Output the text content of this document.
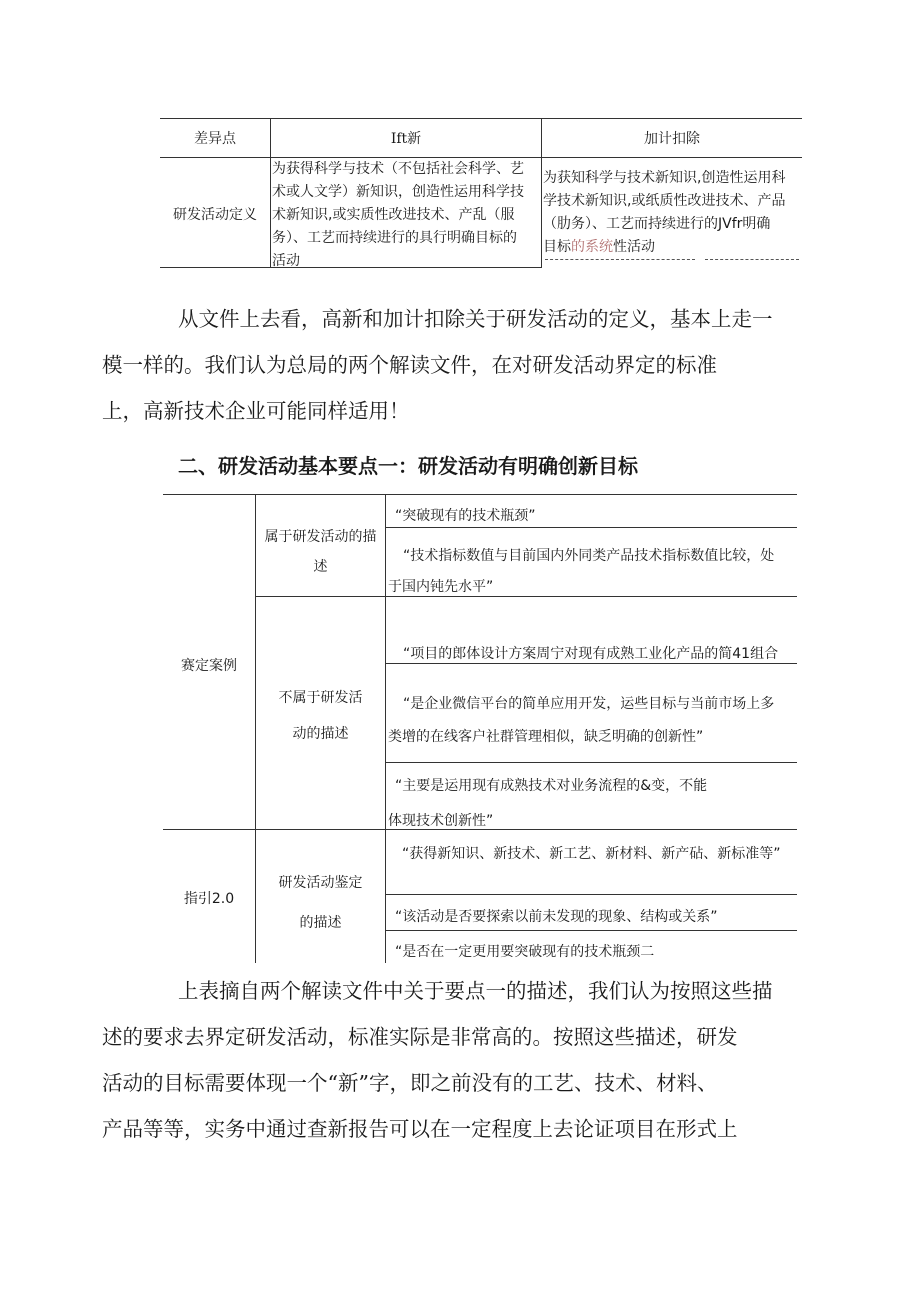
差异点	Ift新	加计扣除
研发活动定义
为获得科学与技术（不包括社会科学、艺
术或人文学）新知识，创造性运用科学技
术新知识,或实质性改进技术、产乱（服
务）、工艺而持续进行的具行明确目标的
活动
为获知科学与技术新知识,创造性运用科
学技术新知识,或纸质性改进技术、产品
（肋务）、工艺而持续进行的JVfr明确
目标的系统性活动
从文件上去看，高新和加计扣除关于研发活动的定义，基本上走一
模一样的。我们认为总局的两个解读文件，在对研发活动界定的标准
上，高新技术企业可能同样适用！
二、研发活动基本要点一：研发活动有明确创新目标
赛定案例
属于研发活动的描
述
“突破现有的技术瓶颈”
“技术指标数值与目前国内外同类产品技术指标数值比较，处
于国内钝先水平”
不属于研发活
动的描述
“项目的郎体设计方案周宁对现有成熟工业化产品的简41组合
“是企业微信平台的简单应用开发，运些目标与当前市场上多
类增的在线客户社群管理相似，缺乏明确的创新性”
“主要是运用现有成熟技术对业务流程的&变，不能
体现技术创新性”
指引2.0
研发活动鉴定
的描述
“获得新知识、新技术、新工艺、新材料、新产砧、新标准等”
“该活动是否要探索以前未发现的现象、结构或关系”
“是否在一定更用要突破现有的技术瓶颈二
上表摘自两个解读文件中关于要点一的描述，我们认为按照这些描
述的要求去界定研发活动，标准实际是非常高的。按照这些描述，研发
活动的目标需要体现一个“新”字，即之前没有的工艺、技术、材料、
产品等等，实务中通过查新报告可以在一定程度上去论证项目在形式上
